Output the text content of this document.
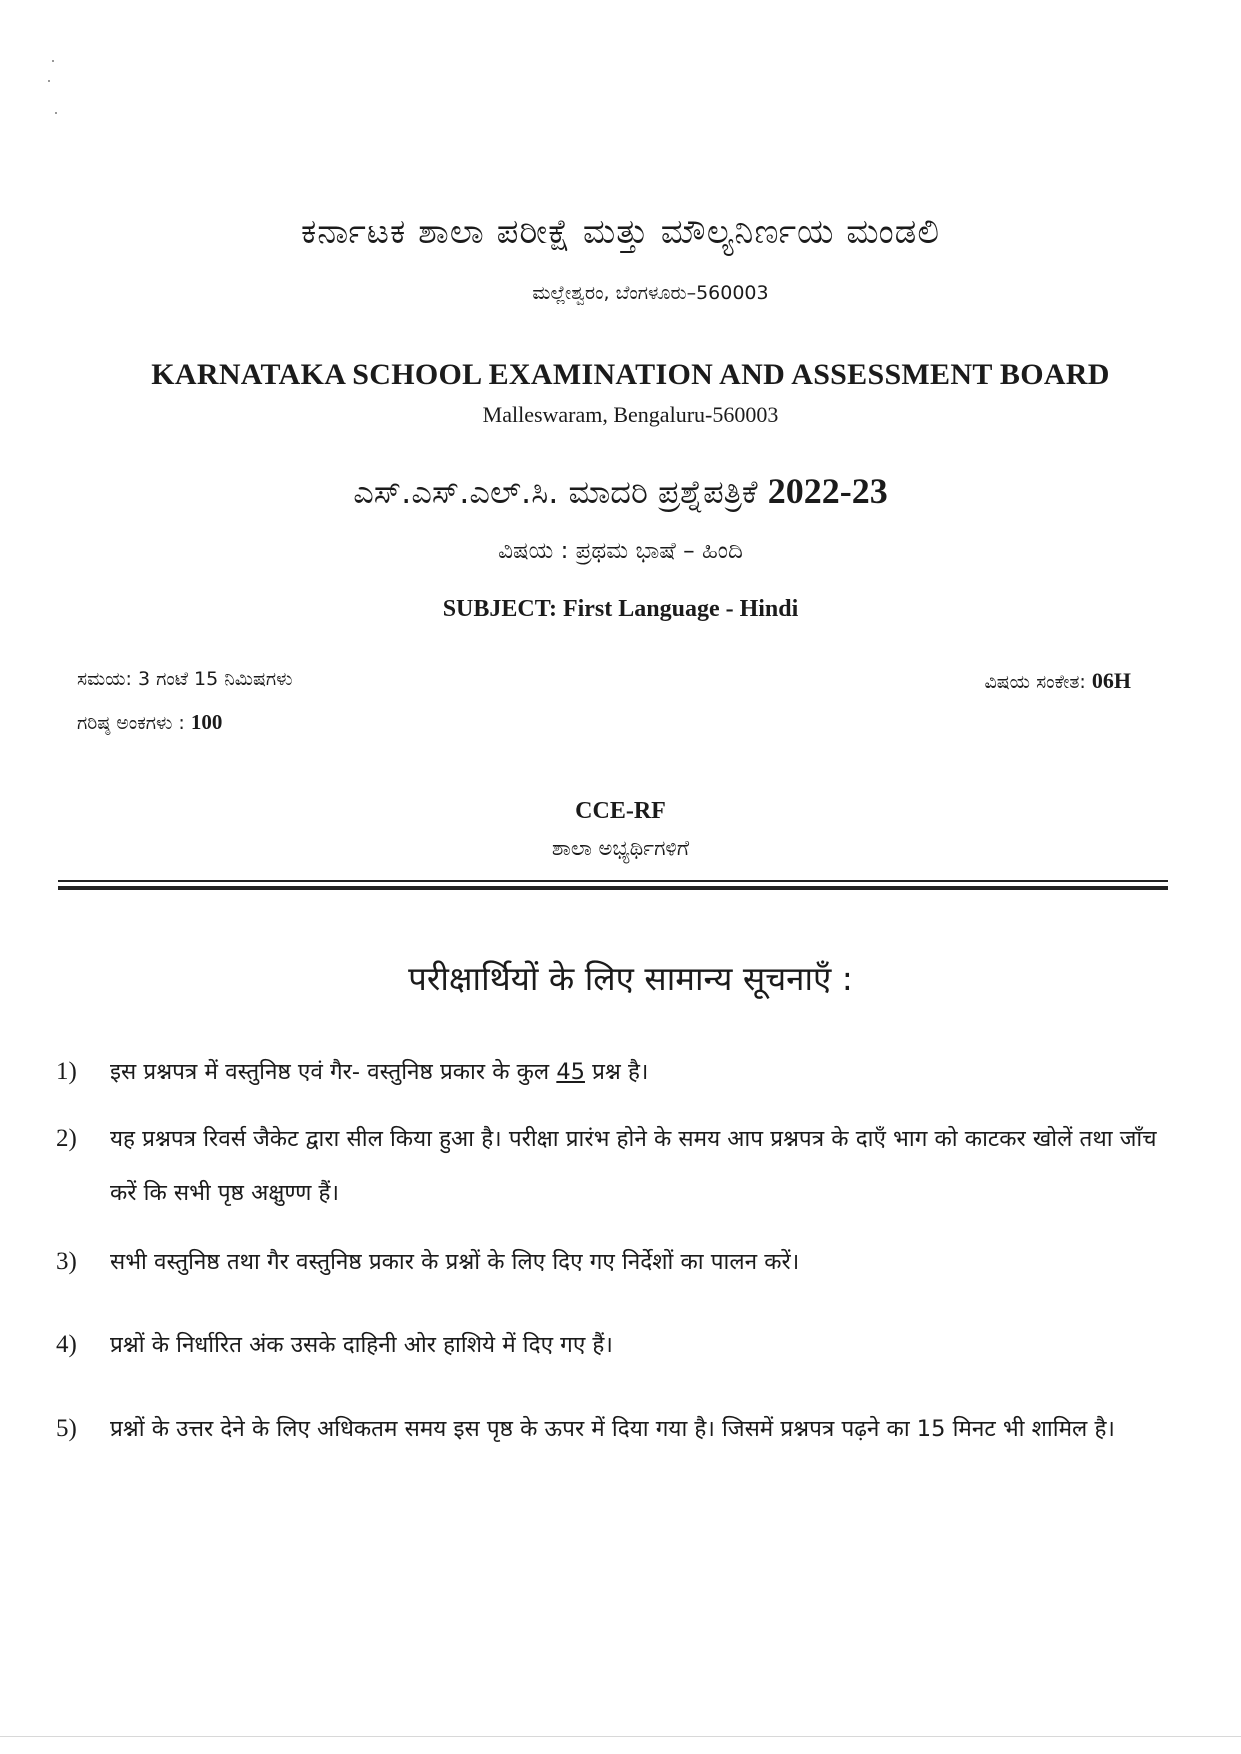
ಕರ್ನಾಟಕ ಶಾಲಾ ಪರೀಕ್ಷೆ ಮತ್ತು ಮೌಲ್ಯನಿರ್ಣಯ ಮಂಡಲಿ
ಮಲ್ಲೇಶ್ವರಂ, ಬೆಂಗಳೂರು–560003
KARNATAKA SCHOOL EXAMINATION AND ASSESSMENT BOARD
Malleswaram, Bengaluru-560003
ಎಸ್.ಎಸ್.ಎಲ್.ಸಿ. ಮಾದರಿ ಪ್ರಶ್ನೆಪತ್ರಿಕೆ 2022-23
ವಿಷಯ : ಪ್ರಥಮ ಭಾಷೆ – ಹಿಂದಿ
SUBJECT: First Language - Hindi
ಸಮಯ: 3 ಗಂಟೆ 15 ನಿಮಿಷಗಳು
ಗರಿಷ್ಠ ಅಂಕಗಳು : 100
ವಿಷಯ ಸಂಕೇತ: 06H
CCE-RF
ಶಾಲಾ ಅಭ್ಯರ್ಥಿಗಳಿಗೆ
परीक्षार्थियों के लिए सामान्य सूचनाएँ :
1)	इस प्रश्नपत्र में वस्तुनिष्ठ एवं गैर- वस्तुनिष्ठ प्रकार के कुल 45 प्रश्न है।
2)	यह प्रश्नपत्र रिवर्स जैकेट द्वारा सील किया हुआ है। परीक्षा प्रारंभ होने के समय आप प्रश्नपत्र के दाएँ भाग को काटकर खोलें तथा जाँच करें कि सभी पृष्ठ अक्षुण्ण हैं।
3)	सभी वस्तुनिष्ठ तथा गैर वस्तुनिष्ठ प्रकार के प्रश्नों के लिए दिए गए निर्देशों का पालन करें।
4)	प्रश्नों के निर्धारित अंक उसके दाहिनी ओर हाशिये में दिए गए हैं।
5)	प्रश्नों के उत्तर देने के लिए अधिकतम समय इस पृष्ठ के ऊपर में दिया गया है। जिसमें प्रश्नपत्र पढ़ने का 15 मिनट भी शामिल है।
